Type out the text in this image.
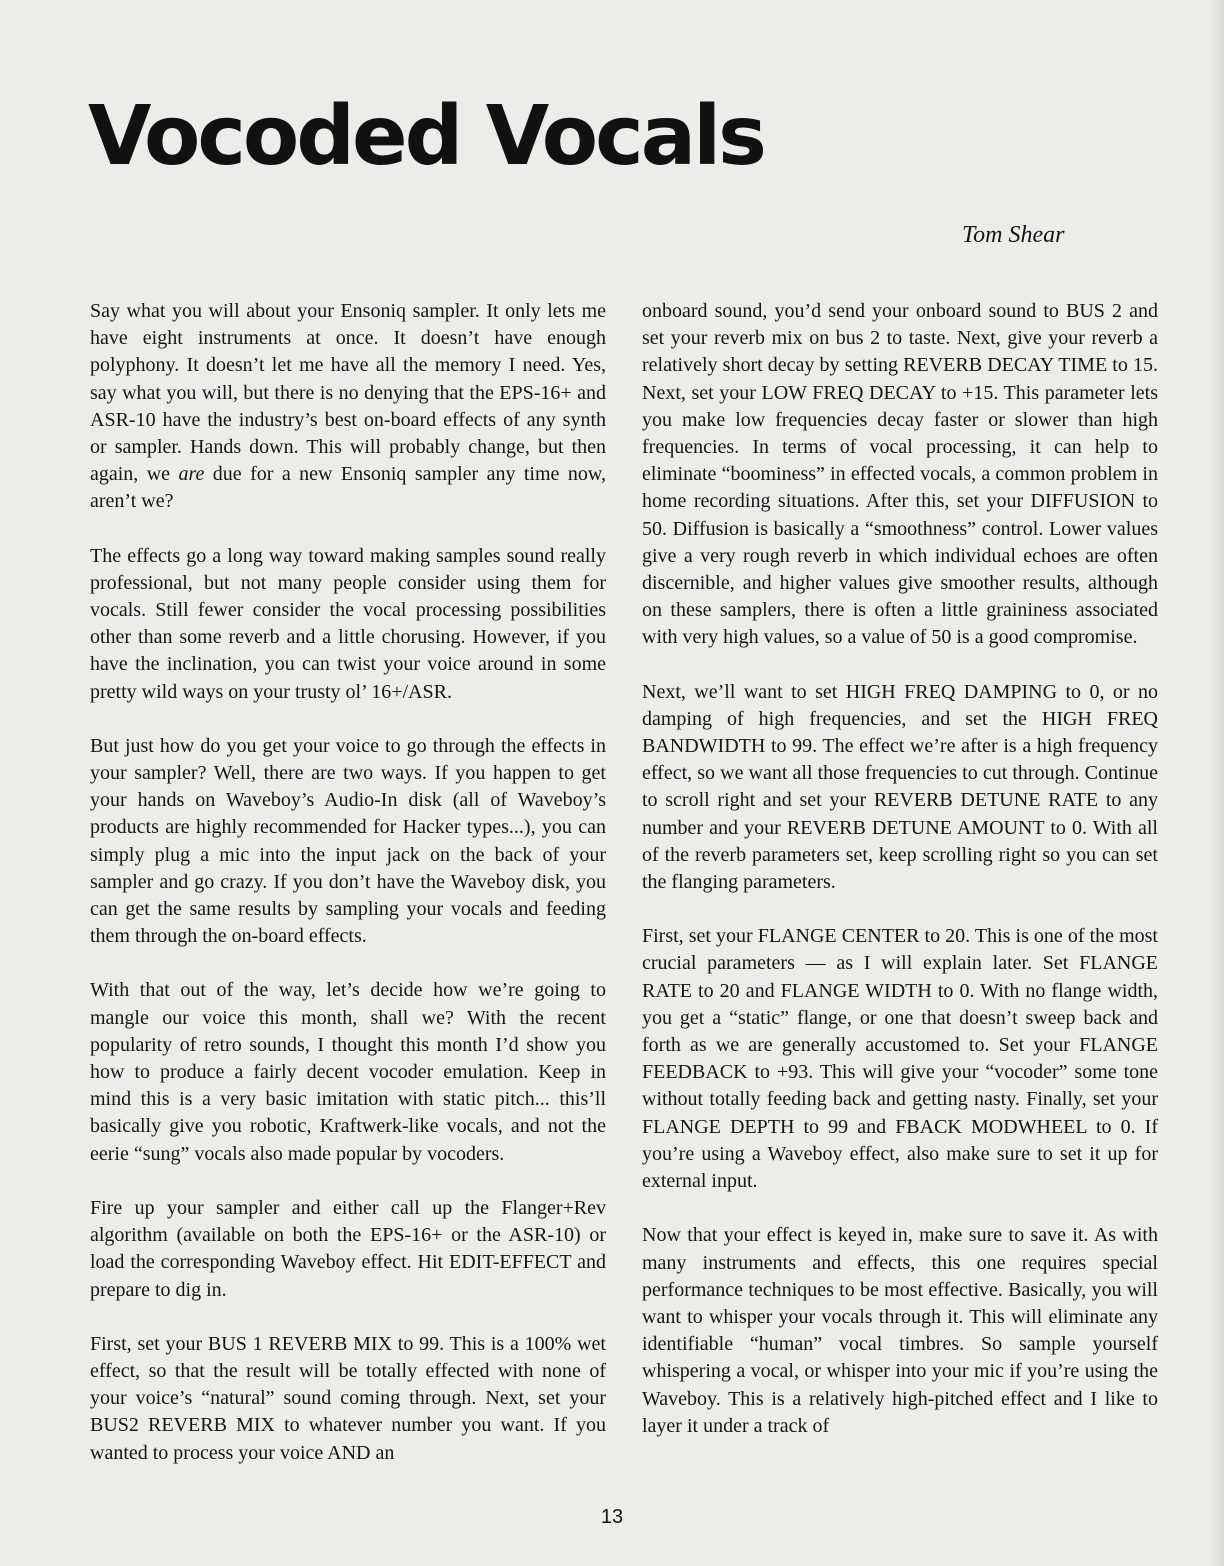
Vocoded Vocals
Tom Shear

Say what you will about your Ensoniq sampler. It only lets me have eight instruments at once. It doesn’t have enough polyphony. It doesn’t let me have all the memory I need. Yes, say what you will, but there is no denying that the EPS-16+ and ASR-10 have the industry’s best on-board effects of any synth or sampler. Hands down. This will probably change, but then again, we are due for a new Ensoniq sampler any time now, aren’t we?

The effects go a long way toward making samples sound really professional, but not many people consider using them for vocals. Still fewer consider the vocal processing possibilities other than some reverb and a little chorusing. However, if you have the inclination, you can twist your voice around in some pretty wild ways on your trusty ol’ 16+/ASR.

But just how do you get your voice to go through the effects in your sampler? Well, there are two ways. If you happen to get your hands on Waveboy’s Audio-In disk (all of Waveboy’s products are highly recommended for Hacker types...), you can simply plug a mic into the input jack on the back of your sampler and go crazy. If you don’t have the Waveboy disk, you can get the same results by sampling your vocals and feeding them through the on-board effects.

With that out of the way, let’s decide how we’re going to mangle our voice this month, shall we? With the recent popularity of retro sounds, I thought this month I’d show you how to produce a fairly decent vocoder emulation. Keep in mind this is a very basic imitation with static pitch... this’ll basically give you robotic, Kraftwerk-like vocals, and not the eerie “sung” vocals also made popular by vocoders.

Fire up your sampler and either call up the Flanger+Rev algorithm (available on both the EPS-16+ or the ASR-10) or load the corresponding Waveboy effect. Hit EDIT-EFFECT and prepare to dig in.

First, set your BUS 1 REVERB MIX to 99. This is a 100% wet effect, so that the result will be totally effected with none of your voice’s “natural” sound coming through. Next, set your BUS2 REVERB MIX to whatever number you want. If you wanted to process your voice AND an

onboard sound, you’d send your onboard sound to BUS 2 and set your reverb mix on bus 2 to taste. Next, give your reverb a relatively short decay by setting REVERB DECAY TIME to 15. Next, set your LOW FREQ DECAY to +15. This parameter lets you make low frequencies decay faster or slower than high frequencies. In terms of vocal processing, it can help to eliminate “boominess” in effected vocals, a common problem in home recording situations. After this, set your DIFFUSION to 50. Diffusion is basically a “smoothness” control. Lower values give a very rough reverb in which individual echoes are often discernible, and higher values give smoother results, although on these samplers, there is often a little graininess associated with very high values, so a value of 50 is a good compromise.

Next, we’ll want to set HIGH FREQ DAMPING to 0, or no damping of high frequencies, and set the HIGH FREQ BANDWIDTH to 99. The effect we’re after is a high frequency effect, so we want all those frequencies to cut through. Continue to scroll right and set your REVERB DETUNE RATE to any number and your REVERB DETUNE AMOUNT to 0. With all of the reverb parameters set, keep scrolling right so you can set the flanging parameters.

First, set your FLANGE CENTER to 20. This is one of the most crucial parameters — as I will explain later. Set FLANGE RATE to 20 and FLANGE WIDTH to 0. With no flange width, you get a “static” flange, or one that doesn’t sweep back and forth as we are generally accustomed to. Set your FLANGE FEEDBACK to +93. This will give your “vocoder” some tone without totally feeding back and getting nasty. Finally, set your FLANGE DEPTH to 99 and FBACK MODWHEEL to 0. If you’re using a Waveboy effect, also make sure to set it up for external input.

Now that your effect is keyed in, make sure to save it. As with many instruments and effects, this one requires special performance techniques to be most effective. Basically, you will want to whisper your vocals through it. This will eliminate any identifiable “human” vocal timbres. So sample yourself whispering a vocal, or whisper into your mic if you’re using the Waveboy. This is a relatively high-pitched effect and I like to layer it under a track of

13
